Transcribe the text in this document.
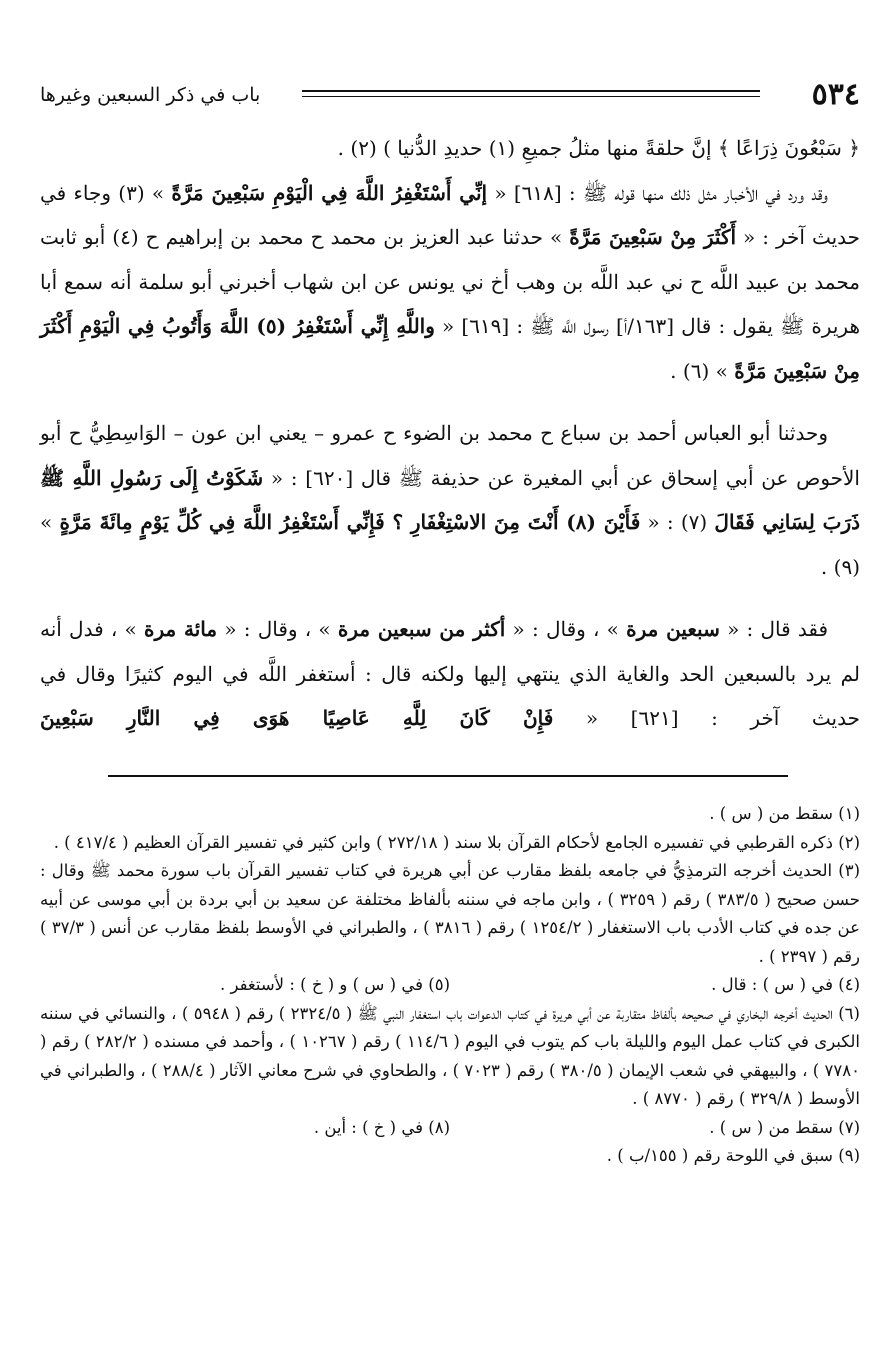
٥٣٤
باب في ذكر السبعين وغيرها

﴿ سَبْعُونَ ذِرَاعًا ﴾ إنَّ حلقةً منها مثلُ جميعِ (١) حديدِ الدُّنيا ) (٢) .

وقد ورد في الأخبار مثل ذلك منها قوله ﷺ : [٦١٨] « إنِّي أَسْتَغْفِرُ اللَّهَ فِي الْيَوْمِ سَبْعِينَ مَرَّةً » (٣) وجاء في حديث آخر : « أَكْثَرَ مِنْ سَبْعِينَ مَرَّةً » حدثنا عبد العزيز بن محمد ح محمد بن إبراهيم ح (٤) أبو ثابت محمد بن عبيد اللَّه ح ني عبد اللَّه بن وهب أخ ني يونس عن ابن شهاب أخبرني أبو سلمة أنه سمع أبا هريرة ﷺ يقول : قال [١٦٣/أ] رسول اللَّه ﷺ : [٦١٩] « واللَّهِ إِنِّي أَسْتَغْفِرُ (٥) اللَّهَ وَأَتُوبُ فِي الْيَوْمِ أَكْثَرَ مِنْ سَبْعِينَ مَرَّةً » (٦) .

وحدثنا أبو العباس أحمد بن سباع ح محمد بن الضوء ح عمرو – يعني ابن عون – الوَاسِطِيُّ ح أبو الأحوص عن أبي إسحاق عن أبي المغيرة عن حذيفة ﷺ قال [٦٢٠] : « شَكَوْتُ إِلَى رَسُولِ اللَّهِ ﷺ ذَرَبَ لِسَانِي فَقَالَ (٧) : « فَأَيْنَ (٨) أَنْتَ مِنَ الاسْتِغْفَارِ ؟ فَإِنِّي أَسْتَغْفِرُ اللَّهَ فِي كُلِّ يَوْمٍ مِائَةَ مَرَّةٍ » (٩) .

فقد قال : « سبعين مرة » ، وقال : « أكثر من سبعين مرة » ، وقال : « مائة مرة » ، فدل أنه لم يرد بالسبعين الحد والغاية الذي ينتهي إليها ولكنه قال : أستغفر اللَّه في اليوم كثيرًا وقال في حديث آخر : [٦٢١] « فَإِنْ كَانَ لِلَّهِ عَاصِيًا هَوَى فِي النَّارِ سَبْعِينَ

(١) سقط من ( س ) .

(٢) ذكره القرطبي في تفسيره الجامع لأحكام القرآن بلا سند ( ٢٧٢/١٨ ) وابن كثير في تفسير القرآن العظيم ( ٤١٧/٤ ) .

(٣) الحديث أخرجه الترمذِيُّ في جامعه بلفظ مقارب عن أبي هريرة في كتاب تفسير القرآن باب سورة محمد ﷺ وقال : حسن صحيح ( ٣٨٣/٥ ) رقم ( ٣٢٥٩ ) ، وابن ماجه في سننه بألفاظ مختلفة عن سعيد بن أبي بردة بن أبي موسى عن أبيه عن جده في كتاب الأدب باب الاستغفار ( ١٢٥٤/٢ ) رقم ( ٣٨١٦ ) ، والطبراني في الأوسط بلفظ مقارب عن أنس ( ٣٧/٣ ) رقم ( ٢٣٩٧ ) .

(٤) في ( س ) : قال .
(٥) في ( س ) و ( خ ) : لأستغفر .

(٦) الحديث أخرجه البخاري في صحيحه بألفاظ متقاربة عن أبي هريرة في كتاب الدعوات باب استغفار النبي ﷺ ( ٢٣٢٤/٥ ) رقم ( ٥٩٤٨ ) ، والنسائي في سننه الكبرى في كتاب عمل اليوم والليلة باب كم يتوب في اليوم ( ١١٤/٦ ) رقم ( ١٠٢٦٧ ) ، وأحمد في مسنده ( ٢٨٢/٢ ) رقم ( ٧٧٨٠ ) ، والبيهقي في شعب الإيمان ( ٣٨٠/٥ ) رقم ( ٧٠٢٣ ) ، والطحاوي في شرح معاني الآثار ( ٢٨٨/٤ ) ، والطبراني في الأوسط ( ٣٢٩/٨ ) رقم ( ٨٧٧٠ ) .

(٧) سقط من ( س ) .
(٨) في ( خ ) : أين .

(٩) سبق في اللوحة رقم ( ١٥٥/ب ) .
